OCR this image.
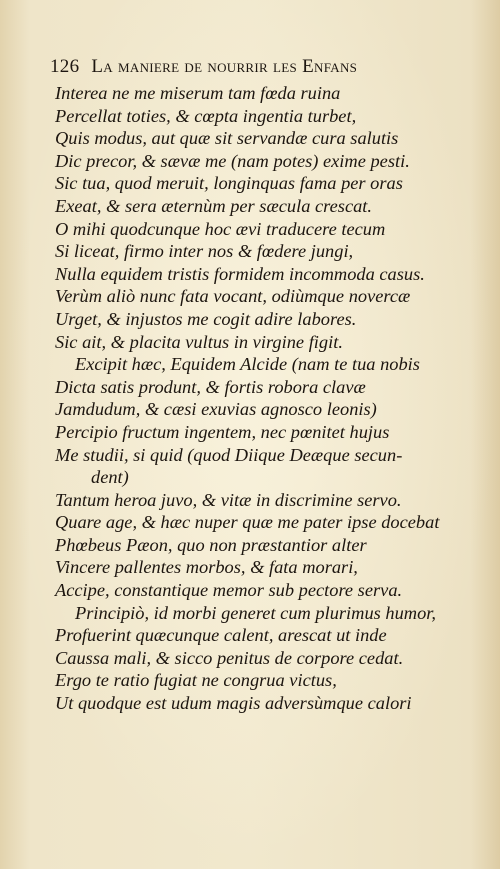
126 La maniere de nourrir les Enfans
Interea ne me miserum tam fœda ruina
Percellat toties, & cœpta ingentia turbet,
Quis modus, aut quæ sit servandæ cura salutis
Dic precor, & sævæ me (nam potes) exime pesti.
Sic tua, quod meruit, longinquas fama per oras
Exeat, & sera æternùm per sæcula crescat.
O mihi quodcunque hoc ævi traducere tecum
Si liceat, firmo inter nos & fœdere jungi,
Nulla equidem tristis formidem incommoda casus.
Verùm aliò nunc fata vocant, odiùmque novercæ
Urget, & injustos me cogit adire labores.
Sic ait, & placita vultus in virgine figit.
Excipit hæc, Equidem Alcide (nam te tua nobis
Dicta satis produnt, & fortis robora clavæ
Jamdudum, & cæsi exuvias agnosco leonis)
Percipio fructum ingentem, nec pœnitet hujus
Me studii, si quid (quod Diique Deæque secun-
dent)
Tantum heroa juvo, & vitæ in discrimine servo.
Quare age, & hæc nuper quæ me pater ipse docebat
Phœbeus Pæon, quo non præstantior alter
Vincere pallentes morbos, & fata morari,
Accipe, constantique memor sub pectore serva.
Principiò, id morbi generet cum plurimus humor,
Profuerint quæcunque calent, arescat ut inde
Caussa mali, & sicco penitus de corpore cedat.
Ergo te ratio fugiat ne congrua victus,
Ut quodque est udum magis adversùmque calori
